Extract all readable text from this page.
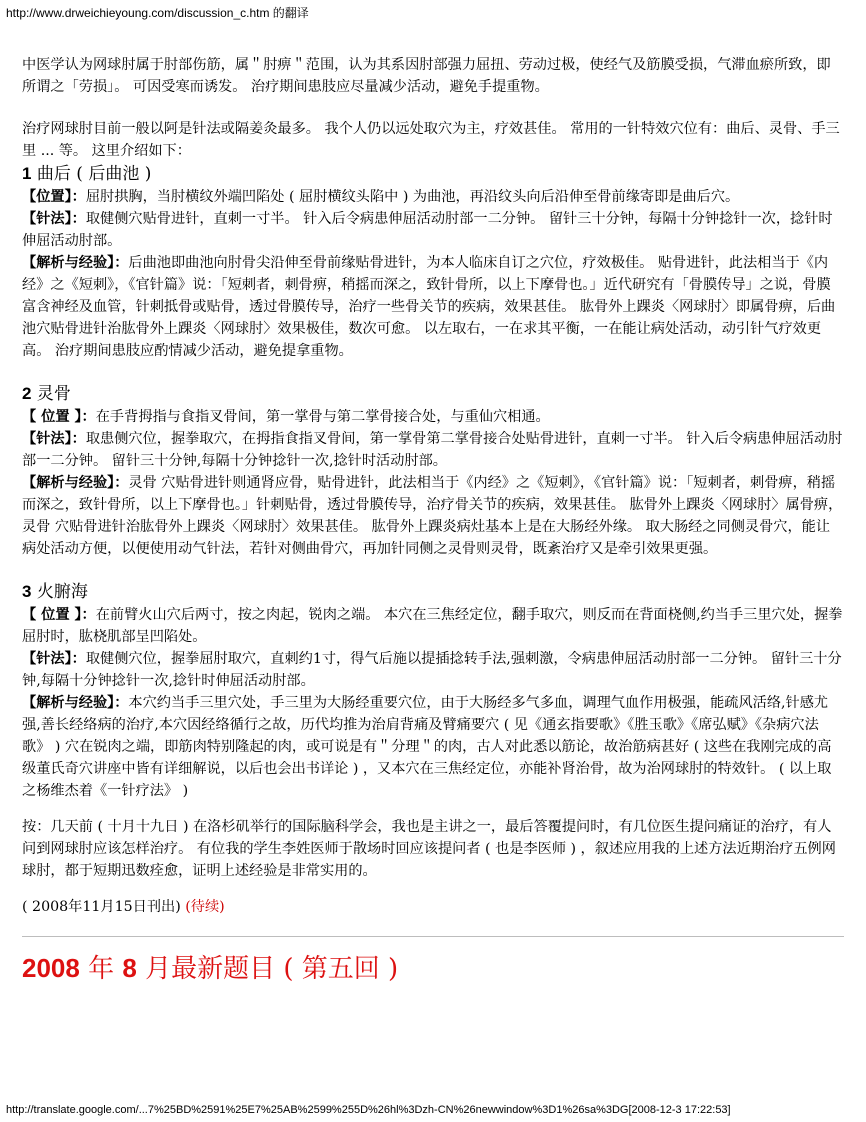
http://www.drweichieyoung.com/discussion_c.htm 的翻译

中医学认为网球肘属于肘部伤筋，属＂肘痹＂范围，认为其系因肘部强力屈扭、劳动过极，使经气及筋膜受损，气滞血瘀所致，即所谓之「劳损」。 可因受寒而诱发。 治疗期间患肢应尽量减少活动，避免手提重物。

治疗网球肘目前一般以阿是针法或隔姜灸最多。 我个人仍以远处取穴为主，疗效甚佳。 常用的一针特效穴位有：曲后、灵骨、手三里 ... 等。 这里介绍如下：

1 曲后 ( 后曲池 )

【位置】：屈肘拱胸，当肘横纹外端凹陷处 ( 屈肘横纹头陷中 ) 为曲池，再沿纹头向后沿伸至骨前缘寄即是曲后穴。

【针法】：取健侧穴贴骨进针，直刺一寸半。 针入后令病患伸屈活动肘部一二分钟。 留针三十分钟，每隔十分钟捻针一次，捻针时伸屈活动肘部。

【解析与经验】：后曲池即曲池向肘骨尖沿伸至骨前缘贴骨进针，为本人临床自订之穴位，疗效极佳。 贴骨进针，此法相当于《内经》之《短刺》，《官针篇》说：「短刺者，刺骨痹，稍摇而深之，致针骨所，以上下摩骨也。」近代研究有「骨膜传导」之说，骨膜富含神经及血管，针刺抵骨或贴骨，透过骨膜传导，治疗一些骨关节的疾病，效果甚佳。 肱骨外上踝炎〈网球肘〉即属骨痹，后曲池穴贴骨进针治肱骨外上踝炎〈网球肘〉效果极佳，数次可愈。 以左取右，一在求其平衡，一在能让病处活动，动引针气疗效更高。 治疗期间患肢应酌情减少活动，避免提拿重物。

2 灵骨

【 位置 】：在手背拇指与食指叉骨间，第一掌骨与第二掌骨接合处，与重仙穴相通。

【针法】：取患侧穴位，握拳取穴，在拇指食指叉骨间，第一掌骨第二掌骨接合处贴骨进针，直刺一寸半。 针入后令病患伸屈活动肘部一二分钟。 留针三十分钟,每隔十分钟捻针一次,捻针时活动肘部。

【解析与经验】：灵骨 穴贴骨进针则通肾应骨，贴骨进针，此法相当于《内经》之《短刺》，《官针篇》说：「短刺者，刺骨痹，稍摇而深之，致针骨所，以上下摩骨也。」针刺贴骨，透过骨膜传导，治疗骨关节的疾病，效果甚佳。 肱骨外上踝炎〈网球肘〉属骨痹， 灵骨 穴贴骨进针治肱骨外上踝炎〈网球肘〉效果甚佳。 肱骨外上踝炎病灶基本上是在大肠经外缘。 取大肠经之同侧灵骨穴，能让病处活动方便，以便使用动气针法，若针对侧曲骨穴，再加针同侧之灵骨则灵骨，既紊治疗又是牵引效果更强。

3 火腑海

【 位置 】：在前臂火山穴后两寸，按之肉起，锐肉之端。 本穴在三焦经定位，翻手取穴，则反而在背面桡侧,约当手三里穴处，握拳屈肘时，肱桡肌部呈凹陷处。

【针法】：取健侧穴位，握拳屈肘取穴，直刺约1寸，得气后施以提插捻转手法,强刺激，令病患伸屈活动肘部一二分钟。 留针三十分钟,每隔十分钟捻针一次,捻针时伸屈活动肘部。

【解析与经验】：本穴约当手三里穴处，手三里为大肠经重要穴位，由于大肠经多气多血，调理气血作用极强，能疏风活络,针感尤强,善长经络病的治疗,本穴因经络循行之故，历代均推为治肩背痛及臂痛要穴 ( 见《通玄指要歌》《胜玉歌》《席弘赋》《杂病穴法歌》 ) 穴在锐肉之端，即筋肉特别隆起的肉，或可说是有＂分理＂的肉，古人对此悉以筋论，故治筋病甚好 ( 这些在我刚完成的高级董氏奇穴讲座中皆有详细解说，以后也会出书详论 ) ，又本穴在三焦经定位，亦能补肾治骨，故为治网球肘的特效针。 ( 以上取之杨维杰着《一针疗法》 )

按：几天前 ( 十月十九日 ) 在洛杉矶举行的国际脑科学会，我也是主讲之一，最后答覆提问时，有几位医生提问痛证的治疗，有人问到网球肘应该怎样治疗。 有位我的学生李姓医师于散场时回应该提问者 ( 也是李医师 ) ，叙述应用我的上述方法近期治疗五例网球肘，都于短期迅数痊愈，证明上述经验是非常实用的。

( 2008年11月15日刊出) (待续)

2008 年 8 月最新题目 ( 第五回 )

http://translate.google.com/...7%25BD%2591%25E7%25AB%2599%255D%26hl%3Dzh-CN%26newwindow%3D1%26sa%3DG[2008-12-3 17:22:53]
